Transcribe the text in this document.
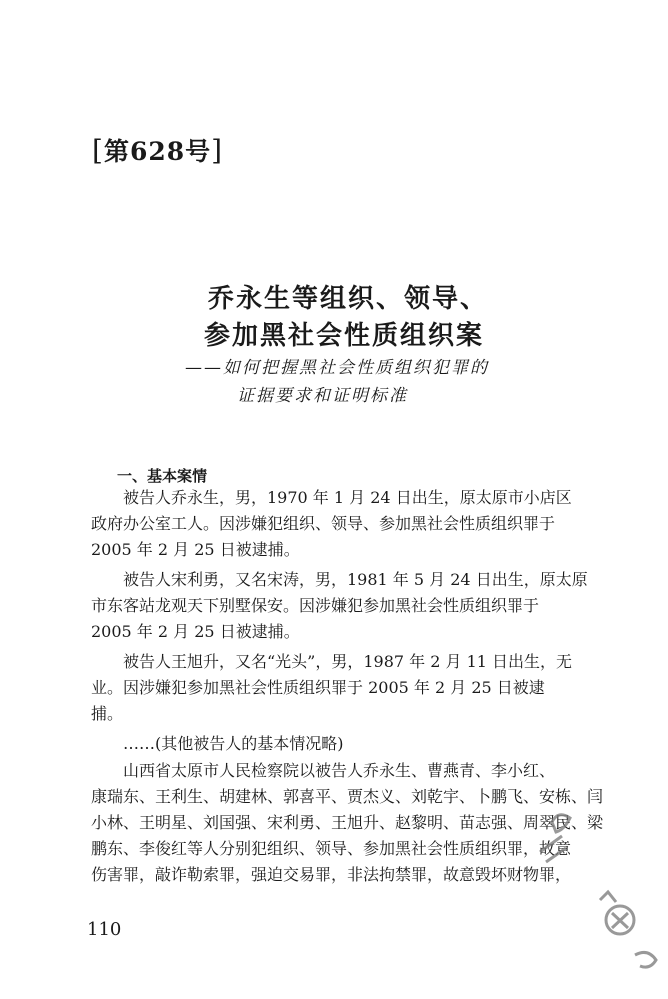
[第628号]
乔永生等组织、领导、
参加黑社会性质组织案
——如何把握黑社会性质组织犯罪的
证据要求和证明标准
一、基本案情
被告人乔永生，男，1970 年 1 月 24 日出生，原太原市小店区
政府办公室工人。因涉嫌犯组织、领导、参加黑社会性质组织罪于
2005 年 2 月 25 日被逮捕。
被告人宋利勇，又名宋涛，男，1981 年 5 月 24 日出生，原太原
市东客站龙观天下别墅保安。因涉嫌犯参加黑社会性质组织罪于
2005 年 2 月 25 日被逮捕。
被告人王旭升，又名“光头”，男，1987 年 2 月 11 日出生，无
业。因涉嫌犯参加黑社会性质组织罪于 2005 年 2 月 25 日被逮
捕。
……(其他被告人的基本情况略)
山西省太原市人民检察院以被告人乔永生、曹燕青、李小红、
康瑞东、王利生、胡建林、郭喜平、贾杰义、刘乾宇、卜鹏飞、安栋、闫
小林、王明星、刘国强、宋利勇、王旭升、赵黎明、苗志强、周翠民、梁
鹏东、李俊红等人分别犯组织、领导、参加黑社会性质组织罪，故意
伤害罪，敲诈勒索罪，强迫交易罪，非法拘禁罪，故意毁坏财物罪，
110
